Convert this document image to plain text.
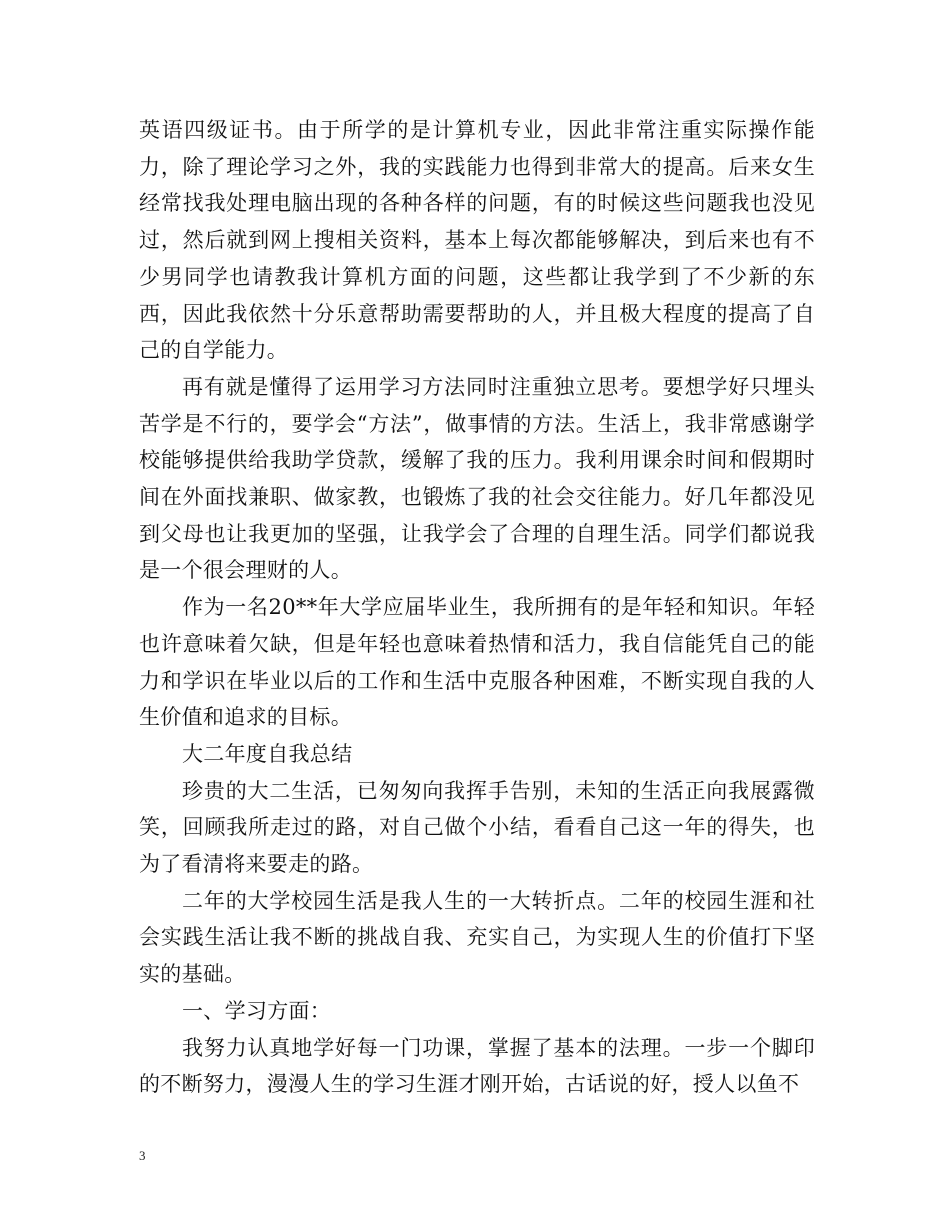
英语四级证书。由于所学的是计算机专业，因此非常注重实际操作能力，除了理论学习之外，我的实践能力也得到非常大的提高。后来女生经常找我处理电脑出现的各种各样的问题，有的时候这些问题我也没见过，然后就到网上搜相关资料，基本上每次都能够解决，到后来也有不少男同学也请教我计算机方面的问题，这些都让我学到了不少新的东西，因此我依然十分乐意帮助需要帮助的人，并且极大程度的提高了自己的自学能力。

再有就是懂得了运用学习方法同时注重独立思考。要想学好只埋头苦学是不行的，要学会“方法”，做事情的方法。生活上，我非常感谢学校能够提供给我助学贷款，缓解了我的压力。我利用课余时间和假期时间在外面找兼职、做家教，也锻炼了我的社会交往能力。好几年都没见到父母也让我更加的坚强，让我学会了合理的自理生活。同学们都说我是一个很会理财的人。

作为一名20**年大学应届毕业生，我所拥有的是年轻和知识。年轻也许意味着欠缺，但是年轻也意味着热情和活力，我自信能凭自己的能力和学识在毕业以后的工作和生活中克服各种困难，不断实现自我的人生价值和追求的目标。

大二年度自我总结

珍贵的大二生活，已匆匆向我挥手告别，未知的生活正向我展露微笑，回顾我所走过的路，对自己做个小结，看看自己这一年的得失，也为了看清将来要走的路。

二年的大学校园生活是我人生的一大转折点。二年的校园生涯和社会实践生活让我不断的挑战自我、充实自己，为实现人生的价值打下坚实的基础。

一、学习方面：

我努力认真地学好每一门功课，掌握了基本的法理。一步一个脚印的不断努力，漫漫人生的学习生涯才刚开始，古话说的好，授人以鱼不

3
